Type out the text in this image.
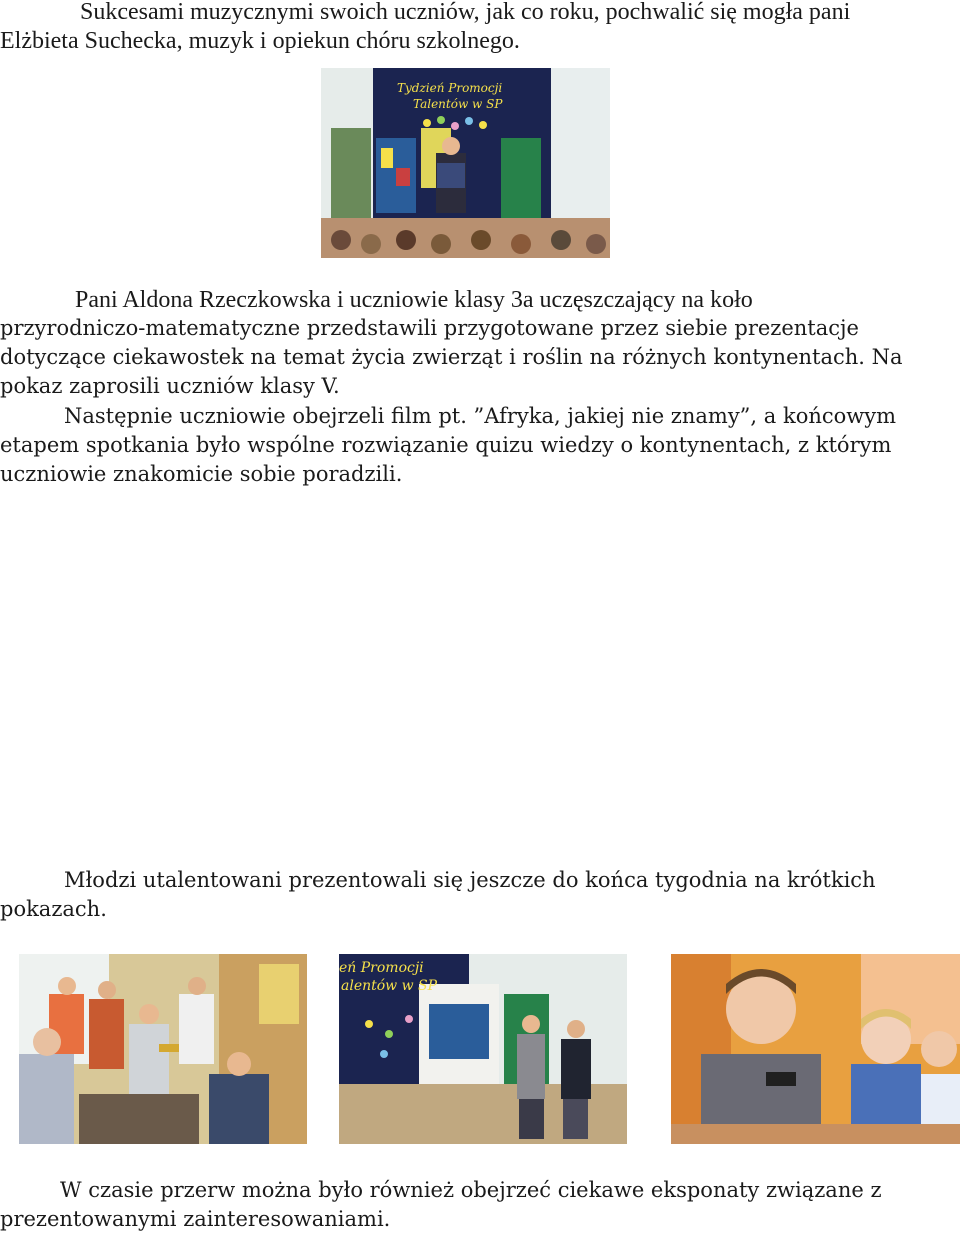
Sukcesami muzycznymi swoich uczniów, jak co roku, pochwalić się mogła pani
Elżbieta Suchecka, muzyk i opiekun chóru szkolnego.
Tydzień Promocji
Talentów w SP
Pani Aldona Rzeczkowska i uczniowie klasy 3a uczęszczający na koło
przyrodniczo-matematyczne przedstawili przygotowane przez siebie prezentacje
dotyczące ciekawostek na temat życia zwierząt i roślin na różnych kontynentach. Na
pokaz zaprosili uczniów klasy V.
Następnie uczniowie obejrzeli film pt. ”Afryka, jakiej nie znamy”, a końcowym
etapem spotkania było wspólne rozwiązanie quizu wiedzy o kontynentach, z którym
uczniowie znakomicie sobie poradzili.
Młodzi utalentowani prezentowali się jeszcze do końca tygodnia na krótkich
pokazach.
eń Promocji
alentów w SP
W czasie przerw można było również obejrzeć ciekawe eksponaty związane z
prezentowanymi zainteresowaniami.
